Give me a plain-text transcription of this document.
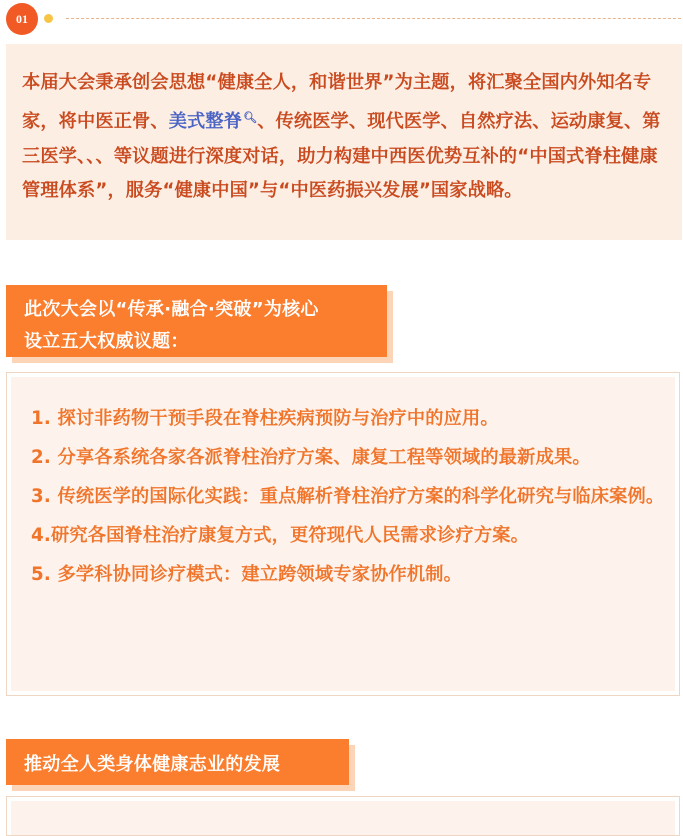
01

本届大会秉承创会思想“健康全人，和谐世界”为主题，将汇聚全国内外知名专家，将中医正骨、美式整脊🔍︎、传统医学、现代医学、自然疗法、运动康复、第三医学、、、等议题进行深度对话，助力构建中西医优势互补的“中国式脊柱健康管理体系”，服务“健康中国”与“中医药振兴发展”国家战略。

此次大会以“传承·融合·突破”为核心
设立五大权威议题：
1. 探讨非药物干预手段在脊柱疾病预防与治疗中的应用。
2. 分享各系统各家各派脊柱治疗方案、康复工程等领域的最新成果。
3. 传统医学的国际化实践：重点解析脊柱治疗方案的科学化研究与临床案例。
4.研究各国脊柱治疗康复方式，更符现代人民需求诊疗方案。
5. 多学科协同诊疗模式：建立跨领域专家协作机制。
推动全人类身体健康志业的发展
